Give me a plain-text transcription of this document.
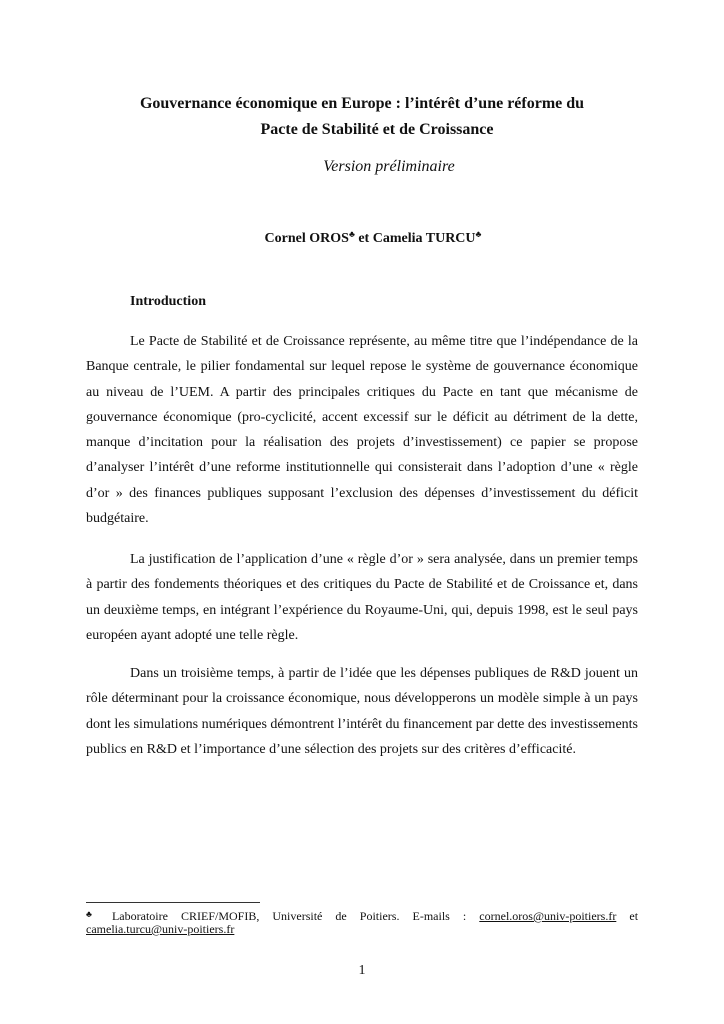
Gouvernance économique en Europe : l’intérêt d’une réforme du
Pacte de Stabilité et de Croissance
Version préliminaire
Cornel OROS♣ et Camelia TURCU♣
Introduction

Le Pacte de Stabilité et de Croissance représente, au même titre que l’indépendance de la Banque centrale, le pilier fondamental sur lequel repose le système de gouvernance économique au niveau de l’UEM. A partir des principales critiques du Pacte en tant que mécanisme de gouvernance économique (pro-cyclicité, accent excessif sur le déficit au détriment de la dette, manque d’incitation pour la réalisation des projets d’investissement) ce papier se propose d’analyser l’intérêt d’une reforme institutionnelle qui consisterait dans l’adoption d’une « règle d’or » des finances publiques supposant l’exclusion des dépenses d’investissement du déficit budgétaire.

La justification de l’application d’une « règle d’or » sera analysée, dans un premier temps à partir des fondements théoriques et des critiques du Pacte de Stabilité et de Croissance et, dans un deuxième temps, en intégrant l’expérience du Royaume-Uni, qui, depuis 1998, est le seul pays européen ayant adopté une telle règle.

Dans un troisième temps, à partir de l’idée que les dépenses publiques de R&D jouent un rôle déterminant pour la croissance économique, nous développerons un modèle simple à un pays dont les simulations numériques démontrent l’intérêt du financement par dette des investissements publics en R&D et l’importance d’une sélection des projets sur des critères d’efficacité.

♣ Laboratoire CRIEF/MOFIB, Université de Poitiers. E-mails : cornel.oros@univ-poitiers.fr et
camelia.turcu@univ-poitiers.fr
1
